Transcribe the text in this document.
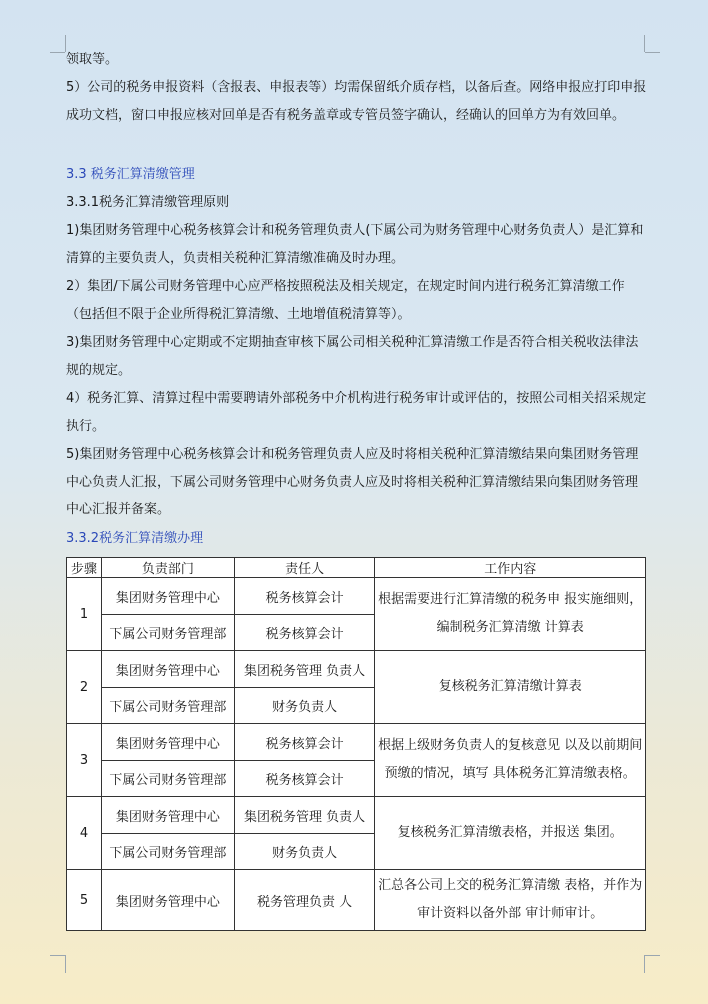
领取等。

5）公司的税务申报资料（含报表、申报表等）均需保留纸介质存档，以备后查。网络申报应打印申报成功文档，窗口申报应核对回单是否有税务盖章或专管员签字确认，经确认的回单方为有效回单。

3.3 税务汇算清缴管理

3.3.1税务汇算清缴管理原则

1)集团财务管理中心税务核算会计和税务管理负责人(下属公司为财务管理中心财务负责人）是汇算和清算的主要负责人，负责相关税种汇算清缴准确及时办理。

2）集团/下属公司财务管理中心应严格按照税法及相关规定，在规定时间内进行税务汇算清缴工作（包括但不限于企业所得税汇算清缴、土地增值税清算等）。

3)集团财务管理中心定期或不定期抽查审核下属公司相关税种汇算清缴工作是否符合相关税收法律法规的规定。

4）税务汇算、清算过程中需要聘请外部税务中介机构进行税务审计或评估的，按照公司相关招采规定执行。

5)集团财务管理中心税务核算会计和税务管理负责人应及时将相关税种汇算清缴结果向集团财务管理中心负责人汇报，下属公司财务管理中心财务负责人应及时将相关税种汇算清缴结果向集团财务管理中心汇报并备案。

3.3.2税务汇算清缴办理

步骤	负责部门	责任人	工作内容
1	集团财务管理中心	税务核算会计	根据需要进行汇算清缴的税务申 报实施细则，编制税务汇算清缴 计算表
	下属公司财务管理部	税务核算会计	
2	集团财务管理中心	集团税务管理 负责人	复核税务汇算清缴计算表
	下属公司财务管理部	财务负责人	
3	集团财务管理中心	税务核算会计	根据上级财务负责人的复核意见 以及以前期间预缴的情况，填写 具体税务汇算清缴表格。
	下属公司财务管理部	税务核算会计	
4	集团财务管理中心	集团税务管理 负责人	复核税务汇算清缴表格，并报送 集团。
	下属公司财务管理部	财务负责人	
5	集团财务管理中心	税务管理负责 人	汇总各公司上交的税务汇算清缴 表格，并作为审计资料以备外部 审计师审计。
